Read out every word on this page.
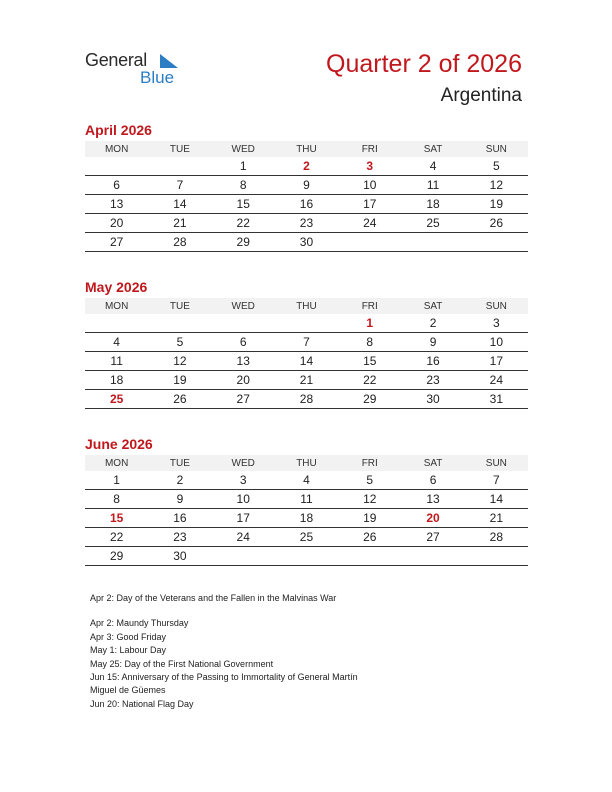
General
Blue	Quarter 2 of 2026
Argentina
April 2026
MON	TUE	WED	THU	FRI	SAT	SUN
		1	2	3	4	5
6	7	8	9	10	11	12
13	14	15	16	17	18	19
20	21	22	23	24	25	26
27	28	29	30			
May 2026
MON	TUE	WED	THU	FRI	SAT	SUN
				1	2	3
4	5	6	7	8	9	10
11	12	13	14	15	16	17
18	19	20	21	22	23	24
25	26	27	28	29	30	31
June 2026
MON	TUE	WED	THU	FRI	SAT	SUN
1	2	3	4	5	6	7
8	9	10	11	12	13	14
15	16	17	18	19	20	21
22	23	24	25	26	27	28
29	30					
Apr 2: Day of the Veterans and the Fallen in the Malvinas War
Apr 2: Maundy Thursday
Apr 3: Good Friday
May 1: Labour Day
May 25: Day of the First National Government
Jun 15: Anniversary of the Passing to Immortality of General Martín
Miguel de Güemes
Jun 20: National Flag Day
